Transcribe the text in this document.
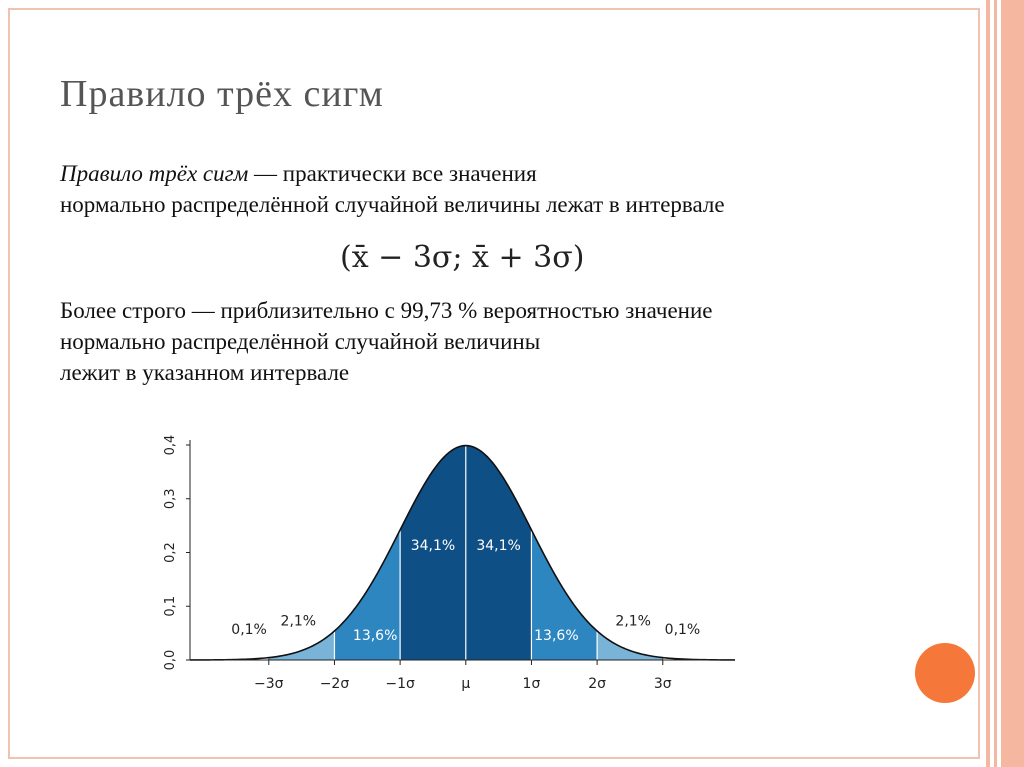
Правило трёх сигм
Правило трёх сигм — практически все значения
нормально распределённой случайной величины лежат в интервале
(x̄ − 3σ; x̄ + 3σ)
Более строго — приблизительно с 99,73 % вероятностью значение
нормально распределённой случайной величины
лежит в указанном интервале
0,0
0,1
0,2
0,3
0,4
−3σ	−2σ	−1σ	μ	1σ	2σ	3σ
2,1%
13,6%
34,1% 34,1%
13,6%
2,1%
0,1%	0,1%
